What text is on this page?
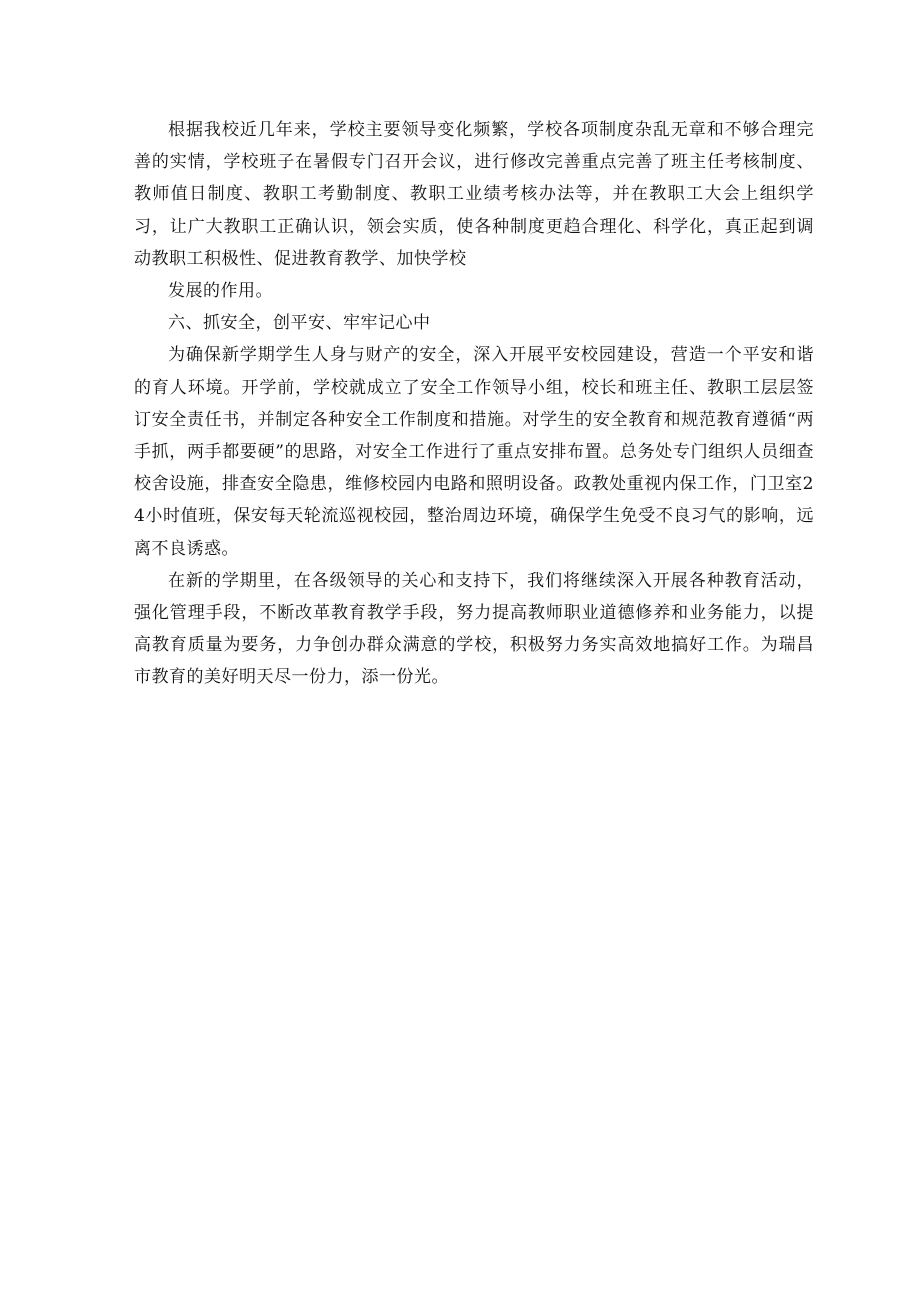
根据我校近几年来，学校主要领导变化频繁，学校各项制度杂乱无章和不够合理完善的实情，学校班子在暑假专门召开会议，进行修改完善重点完善了班主任考核制度、教师值日制度、教职工考勤制度、教职工业绩考核办法等，并在教职工大会上组织学习，让广大教职工正确认识，领会实质，使各种制度更趋合理化、科学化，真正起到调动教职工积极性、促进教育教学、加快学校

发展的作用。

六、抓安全，创平安、牢牢记心中

为确保新学期学生人身与财产的安全，深入开展平安校园建设，营造一个平安和谐的育人环境。开学前，学校就成立了安全工作领导小组，校长和班主任、教职工层层签订安全责任书，并制定各种安全工作制度和措施。对学生的安全教育和规范教育遵循“两手抓，两手都要硬”的思路，对安全工作进行了重点安排布置。总务处专门组织人员细查校舍设施，排查安全隐患，维修校园内电路和照明设备。政教处重视内保工作，门卫室24小时值班，保安每天轮流巡视校园，整治周边环境，确保学生免受不良习气的影响，远离不良诱惑。

在新的学期里，在各级领导的关心和支持下，我们将继续深入开展各种教育活动，强化管理手段，不断改革教育教学手段，努力提高教师职业道德修养和业务能力，以提高教育质量为要务，力争创办群众满意的学校，积极努力务实高效地搞好工作。为瑞昌市教育的美好明天尽一份力，添一份光。
